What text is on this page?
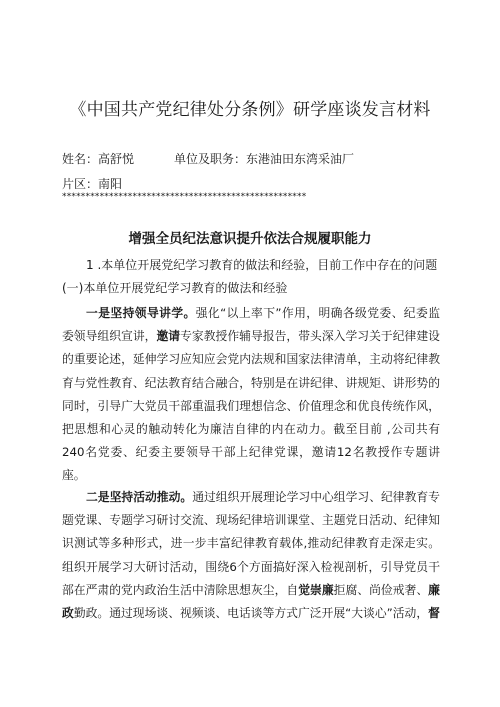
《中国共产党纪律处分条例》研学座谈发言材料

姓名：高舒悦	单位及职务：东港油田东湾采油厂

片区：南阳

****************************************************

增强全员纪法意识提升依法合规履职能力

1 .本单位开展党纪学习教育的做法和经验，目前工作中存在的问题

(一)本单位开展党纪学习教育的做法和经验

一是坚持领导讲学。强化“以上率下”作用，明确各级党委、纪委监委领导组织宣讲，邀请专家教授作辅导报告，带头深入学习关于纪律建设的重要论述，延伸学习应知应会党内法规和国家法律清单，主动将纪律教育与党性教育、纪法教育结合融合，特别是在讲纪律、讲规矩、讲形势的同时，引导广大党员干部重温我们理想信念、价值理念和优良传统作风，把思想和心灵的触动转化为廉洁自律的内在动力。截至目前 ,公司共有240名党委、纪委主要领导干部上纪律党课，邀请12名教授作专题讲座。

二是坚持活动推动。通过组织开展理论学习中心组学习、纪律教育专题党课、专题学习研讨交流、现场纪律培训课堂、主题党日活动、纪律知识测试等多种形式，进一步丰富纪律教育载体,推动纪律教育走深走实。组织开展学习大研讨活动，围绕6个方面搞好深入检视剖析，引导党员干部在严肃的党内政治生活中清除思想灰尘，自觉崇廉拒腐、尚俭戒奢、廉政勤政。通过现场谈、视频谈、电话谈等方式广泛开展“大谈心”活动，督
